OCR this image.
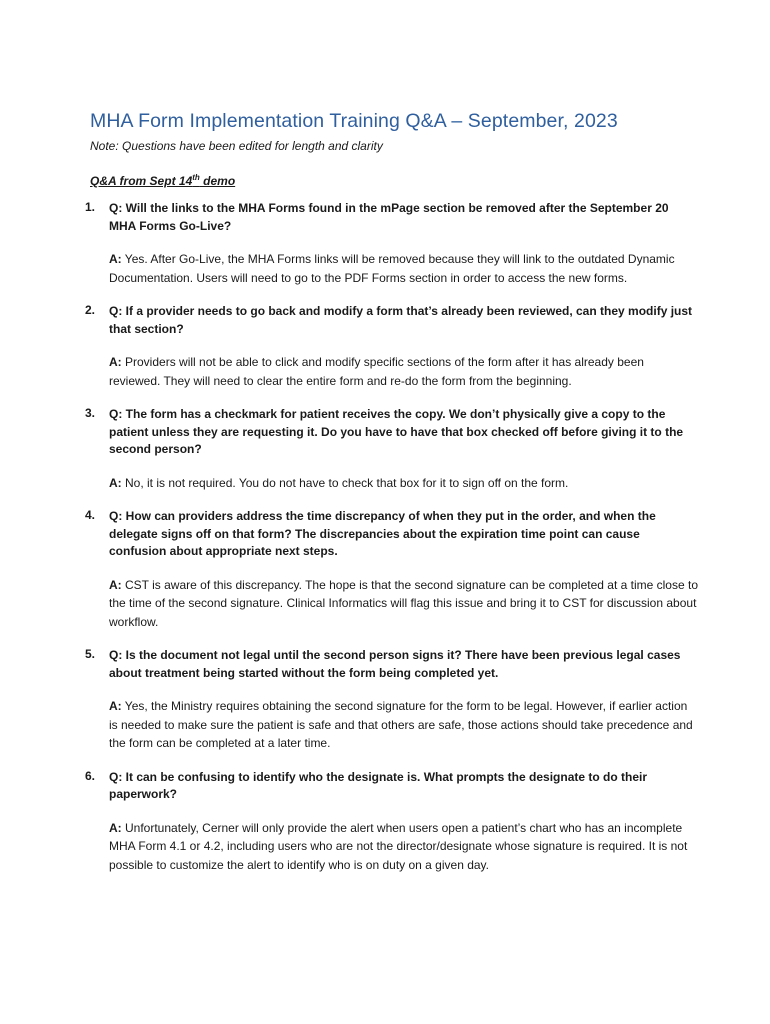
MHA Form Implementation Training Q&A – September, 2023

Note: Questions have been edited for length and clarity

Q&A from Sept 14th demo

1. Q: Will the links to the MHA Forms found in the mPage section be removed after the September 20 MHA Forms Go-Live?

A: Yes. After Go-Live, the MHA Forms links will be removed because they will link to the outdated Dynamic Documentation. Users will need to go to the PDF Forms section in order to access the new forms.

2. Q: If a provider needs to go back and modify a form that’s already been reviewed, can they modify just that section?

A: Providers will not be able to click and modify specific sections of the form after it has already been reviewed. They will need to clear the entire form and re-do the form from the beginning.

3. Q: The form has a checkmark for patient receives the copy. We don’t physically give a copy to the patient unless they are requesting it. Do you have to have that box checked off before giving it to the second person?

A: No, it is not required. You do not have to check that box for it to sign off on the form.

4. Q: How can providers address the time discrepancy of when they put in the order, and when the delegate signs off on that form? The discrepancies about the expiration time point can cause confusion about appropriate next steps.

A: CST is aware of this discrepancy. The hope is that the second signature can be completed at a time close to the time of the second signature. Clinical Informatics will flag this issue and bring it to CST for discussion about workflow.

5. Q: Is the document not legal until the second person signs it? There have been previous legal cases about treatment being started without the form being completed yet.

A: Yes, the Ministry requires obtaining the second signature for the form to be legal. However, if earlier action is needed to make sure the patient is safe and that others are safe, those actions should take precedence and the form can be completed at a later time.

6. Q: It can be confusing to identify who the designate is. What prompts the designate to do their paperwork?

A: Unfortunately, Cerner will only provide the alert when users open a patient’s chart who has an incomplete MHA Form 4.1 or 4.2, including users who are not the director/designate whose signature is required. It is not possible to customize the alert to identify who is on duty on a given day.
